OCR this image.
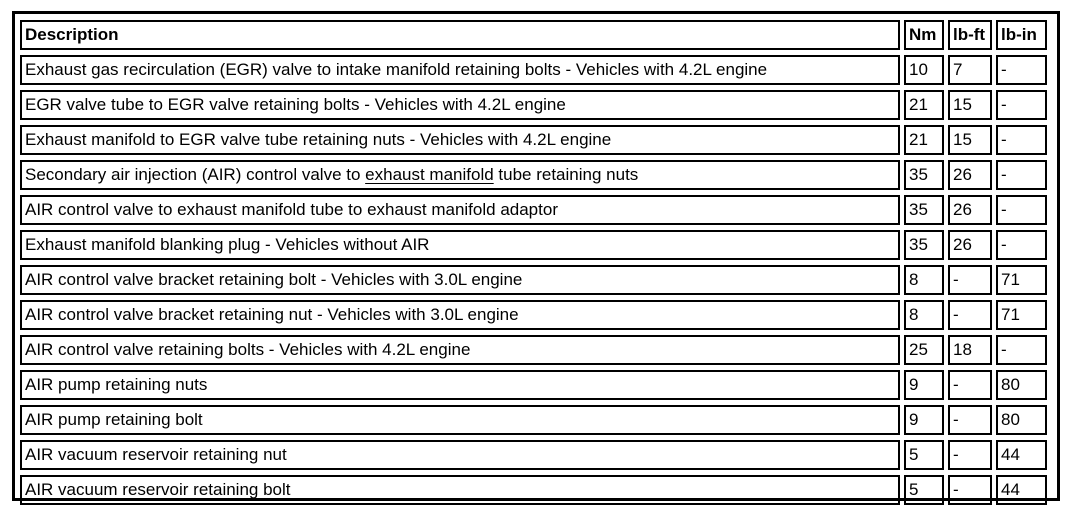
Description	Nm	lb-ft	lb-in
Exhaust gas recirculation (EGR) valve to intake manifold retaining bolts - Vehicles with 4.2L engine	10	7	-
EGR valve tube to EGR valve retaining bolts - Vehicles with 4.2L engine	21	15	-
Exhaust manifold to EGR valve tube retaining nuts - Vehicles with 4.2L engine	21	15	-
Secondary air injection (AIR) control valve to exhaust manifold tube retaining nuts	35	26	-
AIR control valve to exhaust manifold tube to exhaust manifold adaptor	35	26	-
Exhaust manifold blanking plug - Vehicles without AIR	35	26	-
AIR control valve bracket retaining bolt - Vehicles with 3.0L engine	8	-	71
AIR control valve bracket retaining nut - Vehicles with 3.0L engine	8	-	71
AIR control valve retaining bolts - Vehicles with 4.2L engine	25	18	-
AIR pump retaining nuts	9	-	80
AIR pump retaining bolt	9	-	80
AIR vacuum reservoir retaining nut	5	-	44
AIR vacuum reservoir retaining bolt	5	-	44
